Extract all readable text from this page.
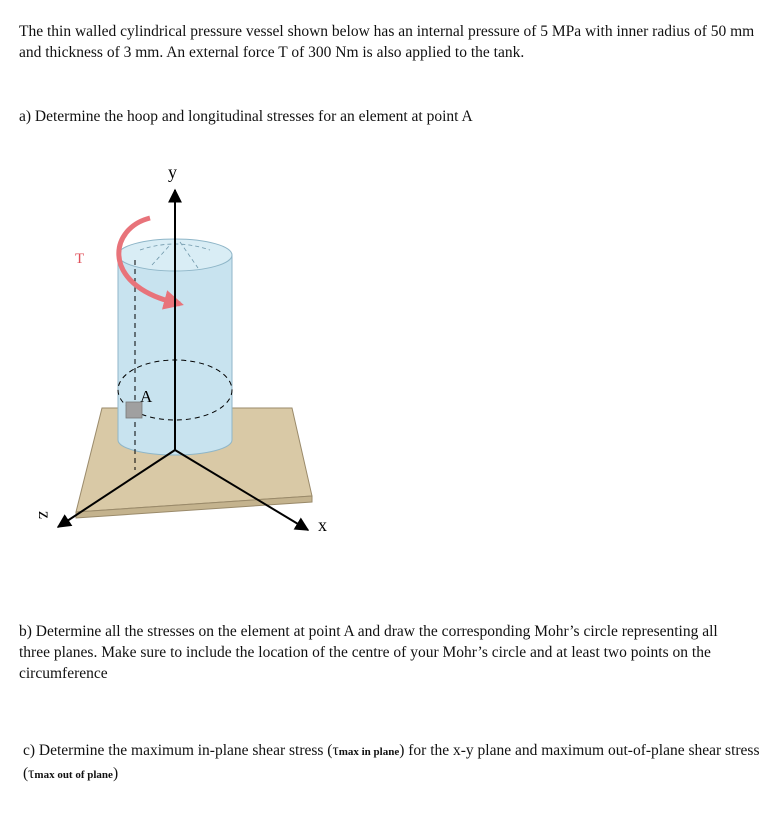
The thin walled cylindrical pressure vessel shown below has an internal pressure of 5 MPa with inner radius of 50 mm and thickness of 3 mm. An external force T of 300 Nm is also applied to the tank.

a) Determine the hoop and longitudinal stresses for an element at point A

A
T
y
x
z

b) Determine all the stresses on the element at point A and draw the corresponding Mohr’s circle representing all three planes. Make sure to include the location of the centre of your Mohr’s circle and at least two points on the circumference

c) Determine the maximum in-plane shear stress (τmax in plane) for the x-y plane and maximum out-of-plane shear stress (τmax out of plane)
